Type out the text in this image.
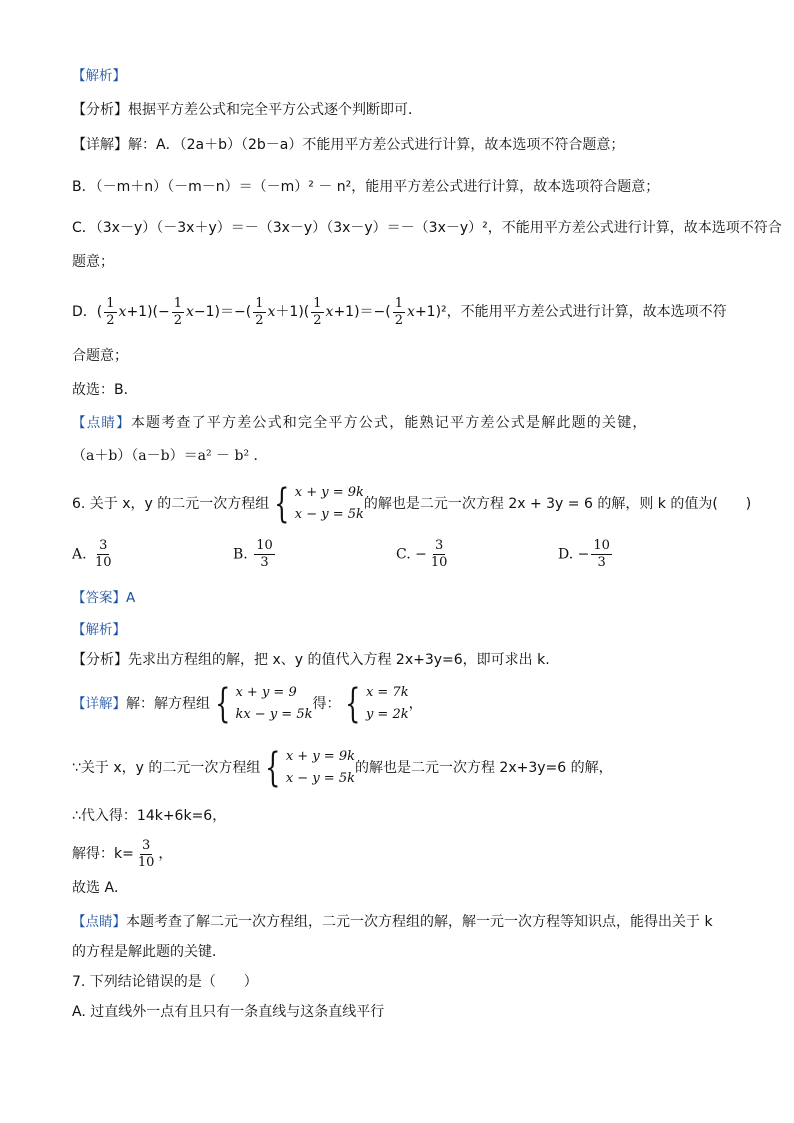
【解析】
【分析】根据平方差公式和完全平方公式逐个判断即可．
【详解】解：A．（2a＋b）（2b－a）不能用平方差公式进行计算，故本选项不符合题意；
B．（－m＋n）（－m－n）＝（－m）² － n²，能用平方差公式进行计算，故本选项符合题意；
C．（3x－y）（－3x＋y）＝－（3x－y）（3x－y）＝－（3x－y）²，不能用平方差公式进行计算，故本选项不符合
题意；
D．( $\frac{1}{2} x+1)(- \frac{1}{2} x-1)=-( \frac{1}{2} x+1)( \frac{1}{2} x+1)=-( \frac{1}{2} x+1)^2$，不能用平方差公式进行计算，故本选项不符
合题意；
故选：B．
【点睛】本题考查了平方差公式和完全平方公式，能熟记平方差公式是解此题的关键，
（a＋b）（a－b）＝a² － b² ．
6. 关于 x，y 的二元一次方程组 { x + y = 9k
x − y = 5k
的解也是二元一次方程 2x + 3y = 6 的解，则 k 的值为(　　)
A. $\frac{3}{10}$	B. $\frac{10}{3}$	C. − $\frac{3}{10}$	D. − $\frac{10}{3}$
【答案】A
【解析】
【分析】先求出方程组的解，把 x、y 的值代入方程 2x+3y=6，即可求出 k.
【详解】解：解方程组 { x + y = 9
kx − y = 5k
得： { x = 7k
y = 2k
，
∵关于 x，y 的二元一次方程组 { x + y = 9k
x − y = 5k
的解也是二元一次方程 2x+3y=6 的解，
∴代入得：14k+6k=6，
解得：$k= \frac{3}{10}$ ，
故选 A．
【点睛】本题考查了解二元一次方程组，二元一次方程组的解，解一元一次方程等知识点，能得出关于 k
的方程是解此题的关键．
7. 下列结论错误的是（　　）
A. 过直线外一点有且只有一条直线与这条直线平行
